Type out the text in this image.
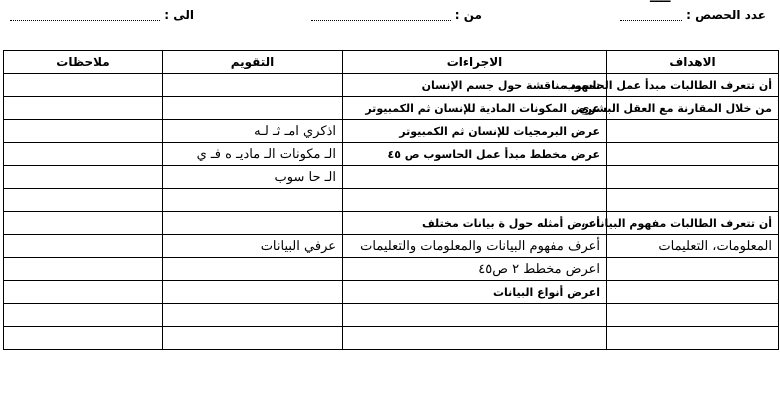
عدد الحصص :
من :
الى :
الاهداف	الاجراءات	التقويم	ملاحظات
أن تتعرف الطالبات مبدأ عمل الحاسوب	تمهيد مناقشة حول جسم الإنسان		
من خلال المقارنة مع العقل البشري	عرض المكونات المادية للإنسان ثم الكمبيوتر		
	عرض البرمجيات للإنسان ثم الكمبيوتر	اذكري امـ ثـ لـه	
	عرض مخطط مبدأ عمل الحاسوب ص ٤٥	الـ مكونات الـ ماديـ ه فـ ي	
		الـ حا سوب	

أن تتعرف الطالبات مفهوم البيانات،	أعرض أمثله حول ة بيانات مختلف		
المعلومات، التعليمات	أعرف مفهوم البيانات والمعلومات والتعليمات	عرفي البيانات	
	اعرض مخطط ٢ ص٤٥		
	اعرض أنواع البيانات		
